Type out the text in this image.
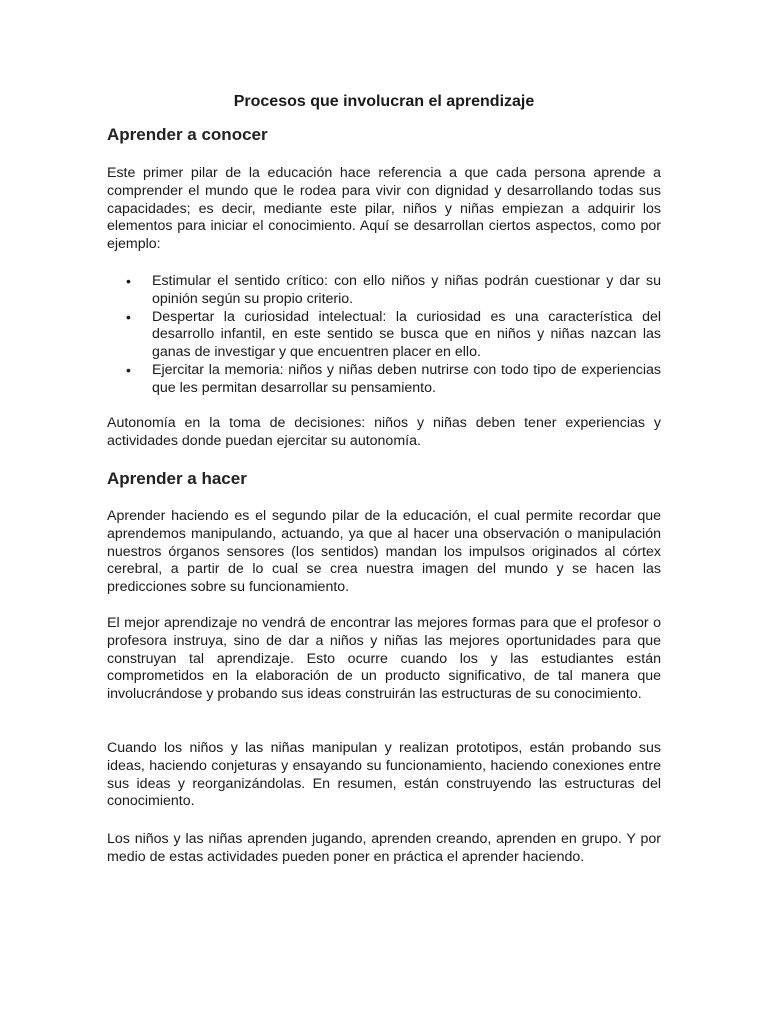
Procesos que involucran el aprendizaje
Aprender a conocer

Este primer pilar de la educación hace referencia a que cada persona aprende a comprender el mundo que le rodea para vivir con dignidad y desarrollando todas sus capacidades; es decir, mediante este pilar, niños y niñas empiezan a adquirir los elementos para iniciar el conocimiento. Aquí se desarrollan ciertos aspectos, como por ejemplo:

• Estimular el sentido crítico: con ello niños y niñas podrán cuestionar y dar su opinión según su propio criterio.
• Despertar la curiosidad intelectual: la curiosidad es una característica del desarrollo infantil, en este sentido se busca que en niños y niñas nazcan las ganas de investigar y que encuentren placer en ello.
• Ejercitar la memoria: niños y niñas deben nutrirse con todo tipo de experiencias que les permitan desarrollar su pensamiento.

Autonomía en la toma de decisiones: niños y niñas deben tener experiencias y actividades donde puedan ejercitar su autonomía.

Aprender a hacer

Aprender haciendo es el segundo pilar de la educación, el cual permite recordar que aprendemos manipulando, actuando, ya que al hacer una observación o manipulación nuestros órganos sensores (los sentidos) mandan los impulsos originados al córtex cerebral, a partir de lo cual se crea nuestra imagen del mundo y se hacen las predicciones sobre su funcionamiento.

El mejor aprendizaje no vendrá de encontrar las mejores formas para que el profesor o profesora instruya, sino de dar a niños y niñas las mejores oportunidades para que construyan tal aprendizaje. Esto ocurre cuando los y las estudiantes están comprometidos en la elaboración de un producto significativo, de tal manera que involucrándose y probando sus ideas construirán las estructuras de su conocimiento.

Cuando los niños y las niñas manipulan y realizan prototipos, están probando sus ideas, haciendo conjeturas y ensayando su funcionamiento, haciendo conexiones entre sus ideas y reorganizándolas. En resumen, están construyendo las estructuras del conocimiento.

Los niños y las niñas aprenden jugando, aprenden creando, aprenden en grupo. Y por medio de estas actividades pueden poner en práctica el aprender haciendo.
